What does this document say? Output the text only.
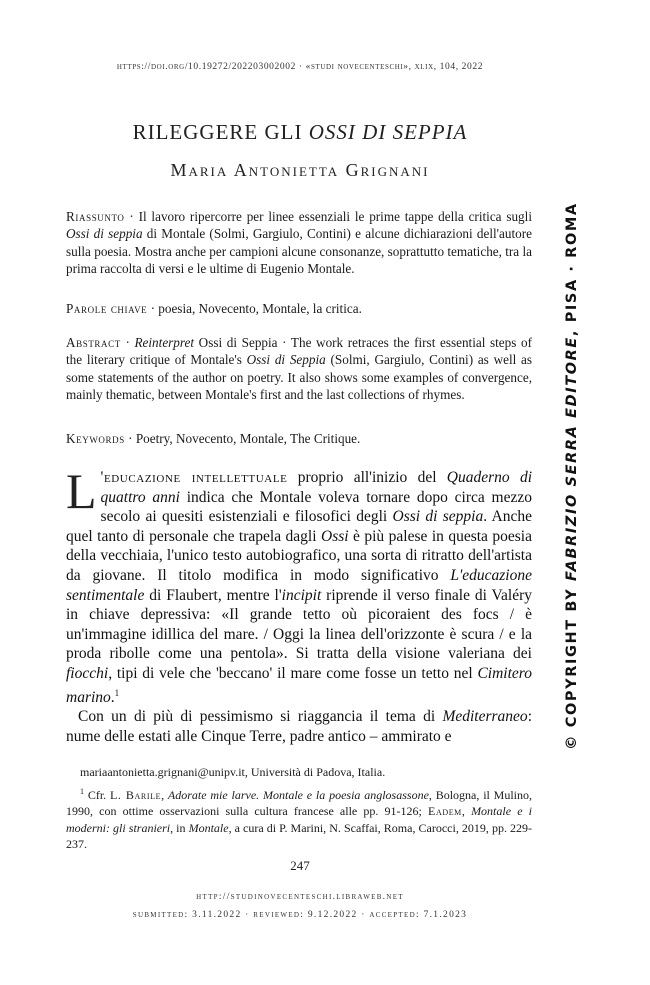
https://doi.org/10.19272/202203002002 · «studi novecenteschi», xlix, 104, 2022
RILEGGERE GLI OSSI DI SEPPIA
Maria Antonietta Grignani
Riassunto · Il lavoro ripercorre per linee essenziali le prime tappe della critica sugli Ossi di seppia di Montale (Solmi, Gargiulo, Contini) e alcune dichiarazioni dell'autore sulla poesia. Mostra anche per campioni alcune consonanze, soprattutto tematiche, tra la prima raccolta di versi e le ultime di Eugenio Montale.
Parole chiave · poesia, Novecento, Montale, la critica.
Abstract · Reinterpret Ossi di Seppia · The work retraces the first essential steps of the literary critique of Montale's Ossi di Seppia (Solmi, Gargiulo, Contini) as well as some statements of the author on poetry. It also shows some examples of convergence, mainly thematic, between Montale's first and the last collections of rhymes.
Keywords · Poetry, Novecento, Montale, The Critique.

L 'educazione intellettuale proprio all'inizio del Quaderno di quattro anni indica che Montale voleva tornare dopo circa mezzo secolo ai quesiti esistenziali e filosofici degli Ossi di seppia. Anche quel tanto di personale che trapela dagli Ossi è più palese in questa poesia della vecchiaia, l'unico testo autobiografico, una sorta di ritratto dell'artista da giovane. Il titolo modifica in modo significativo L'educazione sentimentale di Flaubert, mentre l'incipit riprende il verso finale di Valéry in chiave depressiva: «Il grande tetto où picoraient des focs / è un'immagine idillica del mare. / Oggi la linea dell'orizzonte è scura / e la proda ribolle come una pentola». Si tratta della visione valeriana dei fiocchi, tipi di vele che 'beccano' il mare come fosse un tetto nel Cimitero marino.$^1$

Con un di più di pessimismo si riaggancia il tema di Mediterraneo: nume delle estati alle Cinque Terre, padre antico – ammirato e

mariaantonietta.grignani@unipv.it, Università di Padova, Italia.

$^1$ Cfr. L. Barile, Adorate mie larve. Montale e la poesia anglosassone, Bologna, il Mulino, 1990, con ottime osservazioni sulla cultura francese alle pp. 91-126; Eadem, Montale e i moderni: gli stranieri, in Montale, a cura di P. Marini, N. Scaffai, Roma, Carocci, 2019, pp. 229-237.

247
http://studinovecenteschi.libraweb.net
submitted: 3.11.2022 · reviewed: 9.12.2022 · accepted: 7.1.2023
© COPYRIGHT BY FABRIZIO SERRA EDITORE, PISA · ROMA
